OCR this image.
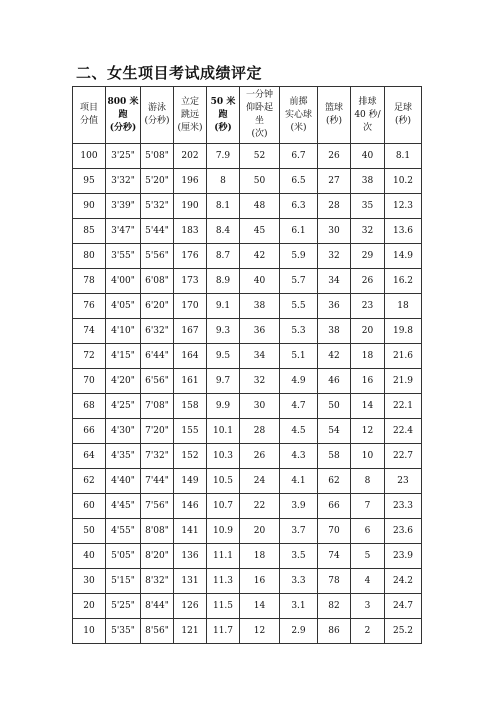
二、女生项目考试成绩评定
项目
分值	800 米
跑
(分秒)	游泳
(分秒)	立定
跳远
(厘米)	50 米
跑
(秒)	一分钟
仰卧起
坐
(次)	前掷
实心球
(米)	篮球
(秒)	排球
40 秒/
次	足球
(秒)

100	3'25"	5'08"	202	7.9	52	6.7	26	40	8.1
95	3'32"	5'20"	196	8	50	6.5	27	38	10.2
90	3'39"	5'32"	190	8.1	48	6.3	28	35	12.3
85	3'47"	5'44"	183	8.4	45	6.1	30	32	13.6
80	3'55"	5'56"	176	8.7	42	5.9	32	29	14.9
78	4'00"	6'08"	173	8.9	40	5.7	34	26	16.2
76	4'05"	6'20"	170	9.1	38	5.5	36	23	18
74	4'10"	6'32"	167	9.3	36	5.3	38	20	19.8
72	4'15"	6'44"	164	9.5	34	5.1	42	18	21.6
70	4'20"	6'56"	161	9.7	32	4.9	46	16	21.9
68	4'25"	7'08"	158	9.9	30	4.7	50	14	22.1
66	4'30"	7'20"	155	10.1	28	4.5	54	12	22.4
64	4'35"	7'32"	152	10.3	26	4.3	58	10	22.7
62	4'40"	7'44"	149	10.5	24	4.1	62	8	23
60	4'45"	7'56"	146	10.7	22	3.9	66	7	23.3
50	4'55"	8'08"	141	10.9	20	3.7	70	6	23.6
40	5'05"	8'20"	136	11.1	18	3.5	74	5	23.9
30	5'15"	8'32"	131	11.3	16	3.3	78	4	24.2
20	5'25"	8'44"	126	11.5	14	3.1	82	3	24.7
10	5'35"	8'56"	121	11.7	12	2.9	86	2	25.2
